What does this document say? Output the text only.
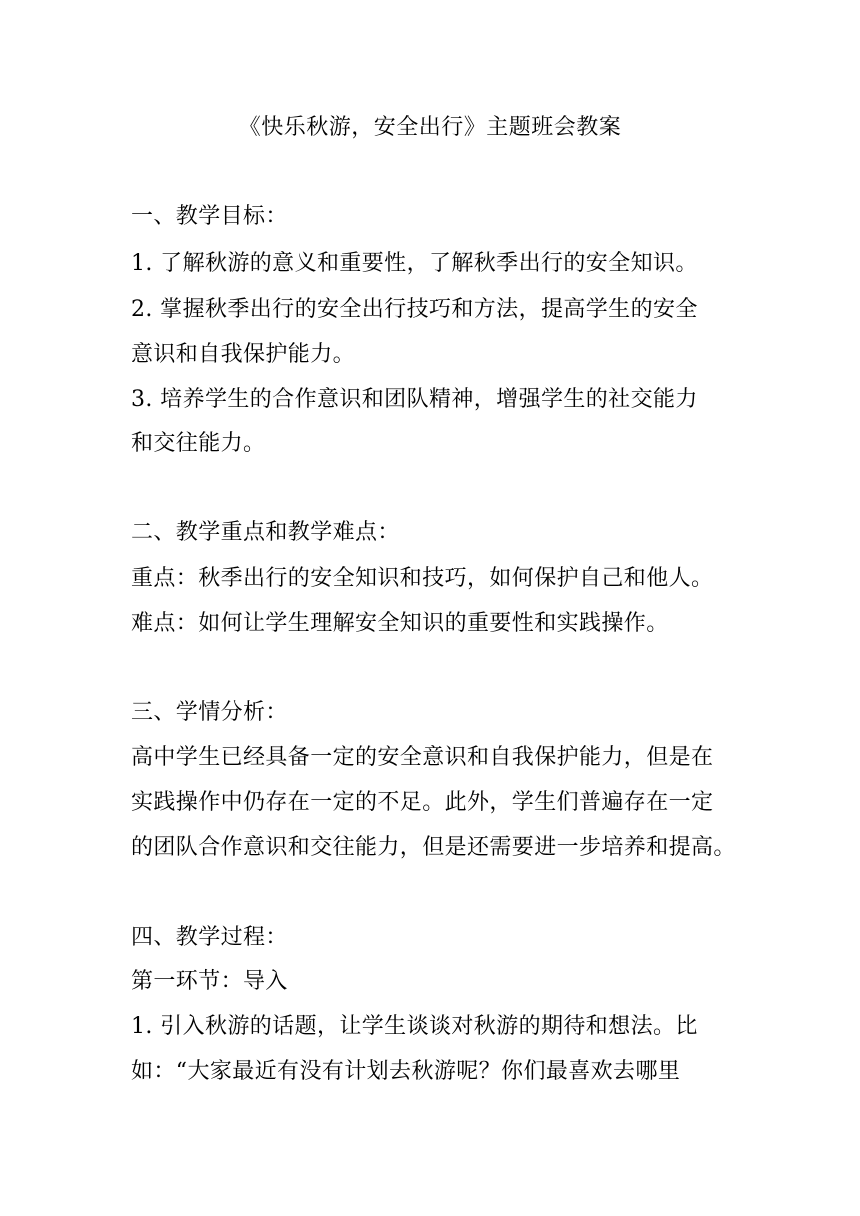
《快乐秋游，安全出行》主题班会教案
一、教学目标：
1. 了解秋游的意义和重要性，了解秋季出行的安全知识。
2. 掌握秋季出行的安全出行技巧和方法，提高学生的安全
意识和自我保护能力。
3. 培养学生的合作意识和团队精神，增强学生的社交能力
和交往能力。
二、教学重点和教学难点：
重点：秋季出行的安全知识和技巧，如何保护自己和他人。
难点：如何让学生理解安全知识的重要性和实践操作。
三、学情分析：
高中学生已经具备一定的安全意识和自我保护能力，但是在
实践操作中仍存在一定的不足。此外，学生们普遍存在一定
的团队合作意识和交往能力，但是还需要进一步培养和提高。
四、教学过程：
第一环节：导入
1. 引入秋游的话题，让学生谈谈对秋游的期待和想法。比
如：“大家最近有没有计划去秋游呢？你们最喜欢去哪里
